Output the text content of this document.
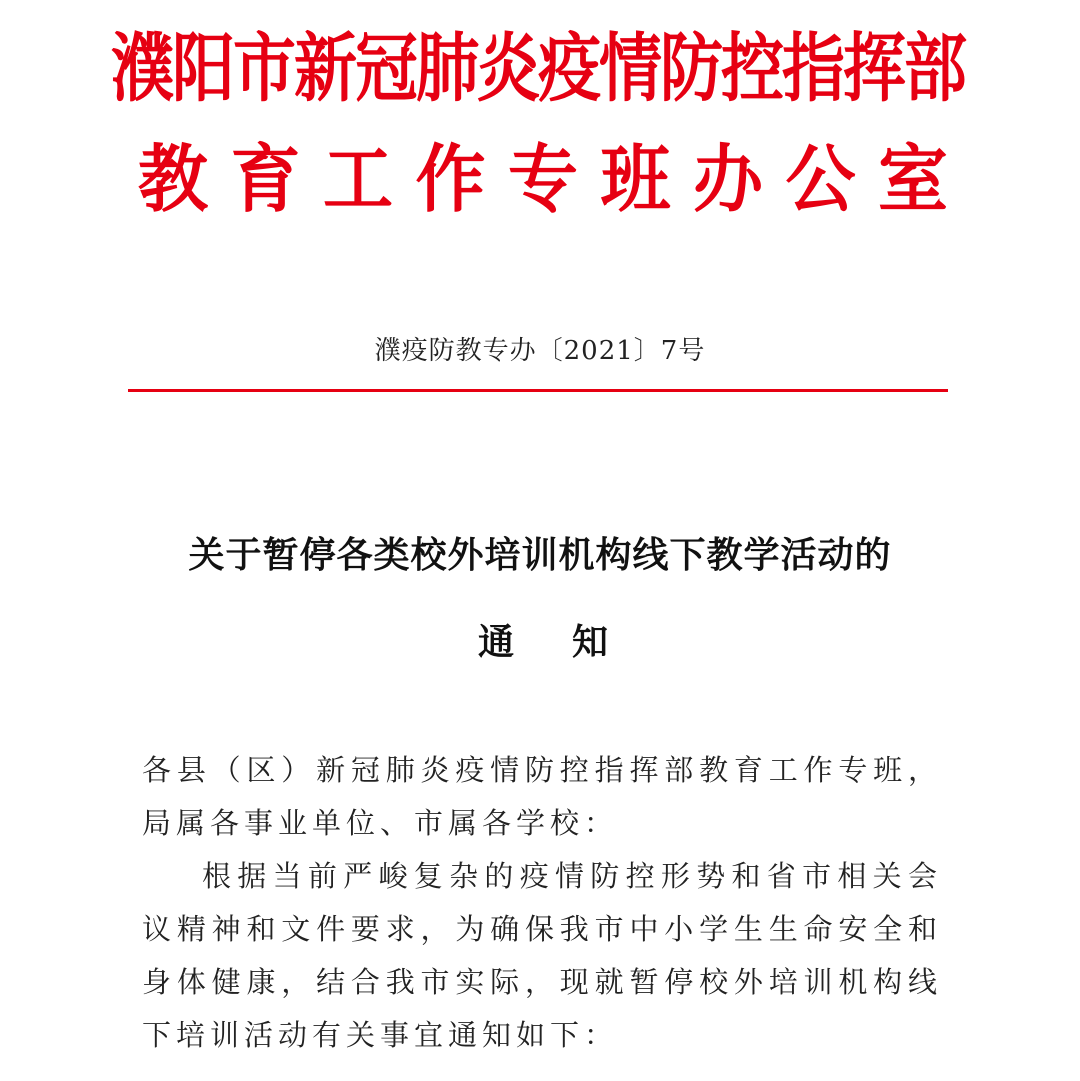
濮阳市新冠肺炎疫情防控指挥部
教 育 工 作 专 班 办 公 室
濮疫防教专办〔2021〕7号
关于暂停各类校外培训机构线下教学活动的
通 知

各县（区）新冠肺炎疫情防控指挥部教育工作专班，局属各事业单位、市属各学校：

根据当前严峻复杂的疫情防控形势和省市相关会议精神和文件要求，为确保我市中小学生生命安全和身体健康，结合我市实际，现就暂停校外培训机构线下培训活动有关事宜通知如下：
